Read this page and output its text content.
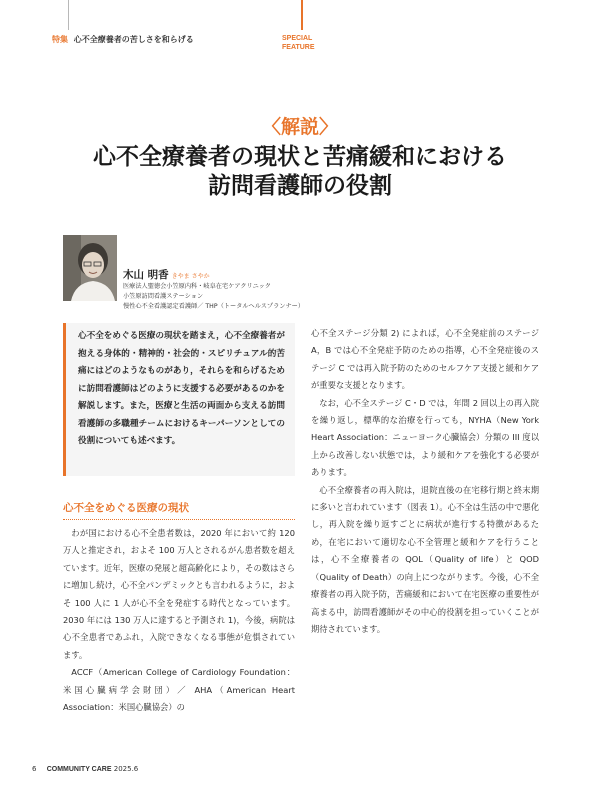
特集 心不全療養者の苦しさを和らげる	SPECIAL
FEATURE
〈解説〉
心不全療養者の現状と苦痛緩和における
訪問看護師の役割
木山 明香 きやま さやか
医療法人聖徳会小笠原内科・岐阜在宅ケアクリニック
小笠原訪問看護ステーション
慢性心不全看護認定看護師／ THP（トータルヘルスプランナー）
心不全をめぐる医療の現状を踏まえ，心不全療養者が抱える身体的・精神的・社会的・スピリチュアル的苦痛にはどのようなものがあり，それらを和らげるために訪問看護師はどのように支援する必要があるのかを解説します。また，医療と生活の両面から支える訪問看護師の多職種チームにおけるキーパーソンとしての役割についても述べます。
心不全をめぐる医療の現状

わが国における心不全患者数は，2020 年において約 120 万人と推定され，およそ 100 万人とされるがん患者数を超えています。近年，医療の発展と超高齢化により，その数はさらに増加し続け，心不全パンデミックとも言われるように，およそ 100 人に 1 人が心不全を発症する時代となっています。2030 年には 130 万人に達すると予測され 1)，今後，病院は心不全患者であふれ，入院できなくなる事態が危惧されています。

ACCF（American College of Cardiology Foundation：米国心臓病学会財団）／ AHA（American Heart Association：米国心臓協会）の

心不全ステージ分類 2) によれば，心不全発症前のステージ A，B では心不全発症予防のための指導，心不全発症後のステージ C では再入院予防のためのセルフケア支援と緩和ケアが重要な支援となります。

なお，心不全ステージ C・D では，年間 2 回以上の再入院を繰り返し，標準的な治療を行っても，NYHA（New York Heart Association：ニューヨーク心臓協会）分類の III 度以上から改善しない状態では，より緩和ケアを強化する必要があります。

心不全療養者の再入院は，退院直後の在宅移行期と終末期に多いと言われています（図表 1）。心不全は生活の中で悪化し，再入院を繰り返すごとに病状が進行する特徴があるため，在宅において適切な心不全管理と緩和ケアを行うことは，心不全療養者の QOL（Quality of life）と QOD（Quality of Death）の向上につながります。今後，心不全療養者の再入院予防，苦痛緩和において在宅医療の重要性が高まる中，訪問看護師がその中心的役割を担っていくことが期待されています。

6 COMMUNITY CARE 2025.6
